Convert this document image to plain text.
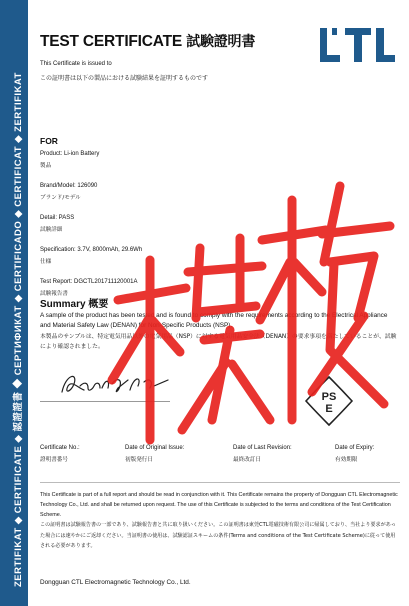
ZERTIFIKAT ◆ CERTIFICATE ◆ 認證證書 ◆ СЕРТИФИКАТ ◆ CERTIFICADO ◆ CERTIFICAT ◆ ZERTIFIKAT
TEST CERTIFICATE 試験證明書
This Certificate is issued to
この証明書は以下の製品における試験結果を証明するものです
FOR
Product: Li-ion Battery
製品
Brand/Model: 126090
ブランド/モデル
Detail: PASS
試験詳細
Specification: 3.7V, 8000mAh, 29.6Wh
仕様
Test Report: DGCTL201711120001A
試験報告書
Summary 概要
A sample of the product has been tested and is found to comply with the requirements according to the Electrical Appliance and Material Safety Law (DENAN) for Non-Specific Products (NSP).
本製品のサンプルは、特定電気用品以外の電気用品（NSP）に対する電気用品安全法（DENAN）の要求事項を満たしていることが、試験により確認されました。
PS
E
Certificate No.:
證明書番号
Date of Original Issue:
初版発行日
Date of Last Revision:
最終改訂日
Date of Expiry:
有効期限
This Certificate is part of a full report and should be read in conjunction with it. This Certificate remains the property of Dongguan CTL Electromagnetic Technology Co., Ltd. and shall be returned upon request. The use of this Certificate is subjected to the terms and conditions of the Test Certification Scheme.
この証明書は試験報告書の一部であり、試験報告書と共に取り扱いください。この証明書は東莞CTL電磁技術有限公司に帰属しており、当社より要求があった場合には速やかにご返却ください。当証明書の使用は、試験認証スキームの条件(Terms and conditions of the Test Certificate Scheme)に従って使用される必要があります。
Dongguan CTL Electromagnetic Technology Co., Ltd.
